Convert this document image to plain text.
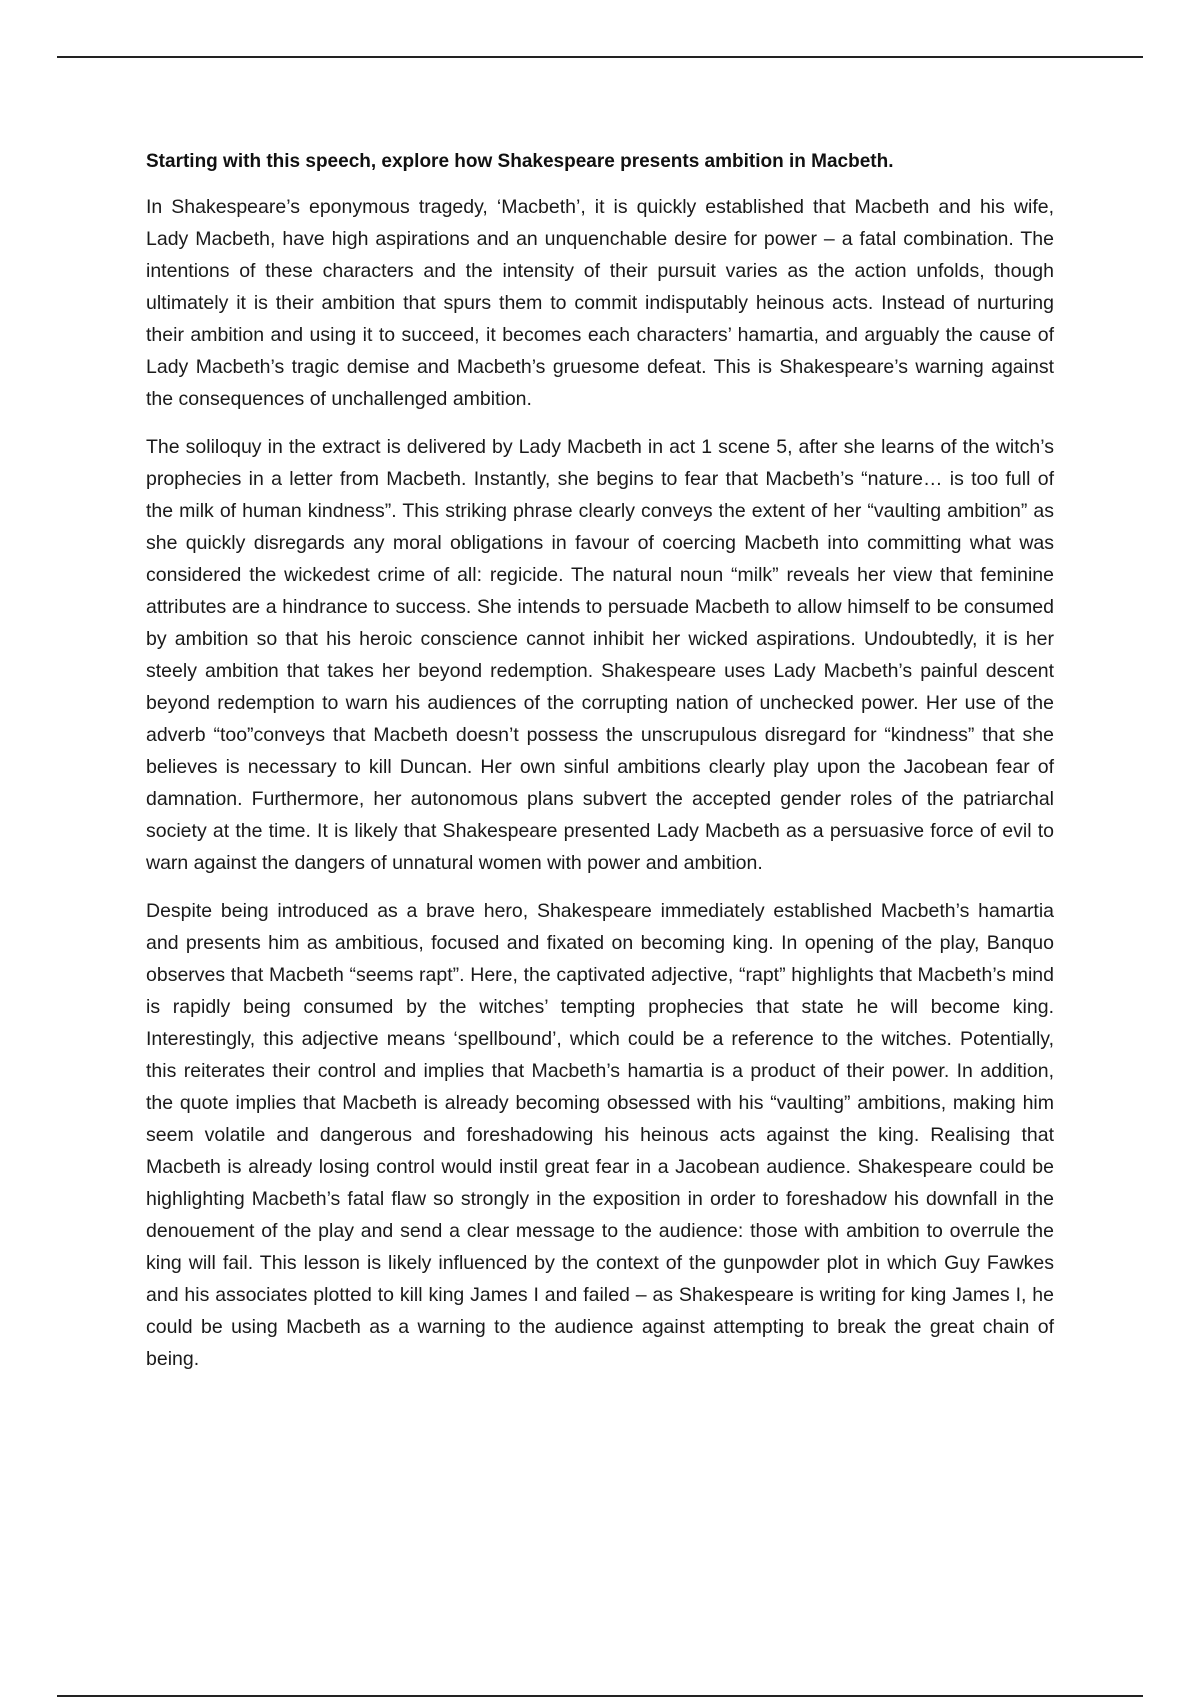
Starting with this speech, explore how Shakespeare presents ambition in Macbeth.

In Shakespeare’s eponymous tragedy, ‘Macbeth’, it is quickly established that Macbeth and his wife, Lady Macbeth, have high aspirations and an unquenchable desire for power – a fatal combination. The intentions of these characters and the intensity of their pursuit varies as the action unfolds, though ultimately it is their ambition that spurs them to commit indisputably heinous acts. Instead of nurturing their ambition and using it to succeed, it becomes each characters’ hamartia, and arguably the cause of Lady Macbeth’s tragic demise and Macbeth’s gruesome defeat. This is Shakespeare’s warning against the consequences of unchallenged ambition.

The soliloquy in the extract is delivered by Lady Macbeth in act 1 scene 5, after she learns of the witch’s prophecies in a letter from Macbeth. Instantly, she begins to fear that Macbeth’s “nature… is too full of the milk of human kindness”. This striking phrase clearly conveys the extent of her “vaulting ambition” as she quickly disregards any moral obligations in favour of coercing Macbeth into committing what was considered the wickedest crime of all: regicide. The natural noun “milk” reveals her view that feminine attributes are a hindrance to success. She intends to persuade Macbeth to allow himself to be consumed by ambition so that his heroic conscience cannot inhibit her wicked aspirations. Undoubtedly, it is her steely ambition that takes her beyond redemption. Shakespeare uses Lady Macbeth’s painful descent beyond redemption to warn his audiences of the corrupting nation of unchecked power. Her use of the adverb “too”conveys that Macbeth doesn’t possess the unscrupulous disregard for “kindness” that she believes is necessary to kill Duncan. Her own sinful ambitions clearly play upon the Jacobean fear of damnation. Furthermore, her autonomous plans subvert the accepted gender roles of the patriarchal society at the time. It is likely that Shakespeare presented Lady Macbeth as a persuasive force of evil to warn against the dangers of unnatural women with power and ambition.

Despite being introduced as a brave hero, Shakespeare immediately established Macbeth’s hamartia and presents him as ambitious, focused and fixated on becoming king. In opening of the play, Banquo observes that Macbeth “seems rapt”. Here, the captivated adjective, “rapt” highlights that Macbeth’s mind is rapidly being consumed by the witches’ tempting prophecies that state he will become king. Interestingly, this adjective means ‘spellbound’, which could be a reference to the witches. Potentially, this reiterates their control and implies that Macbeth’s hamartia is a product of their power. In addition, the quote implies that Macbeth is already becoming obsessed with his “vaulting” ambitions, making him seem volatile and dangerous and foreshadowing his heinous acts against the king. Realising that Macbeth is already losing control would instil great fear in a Jacobean audience. Shakespeare could be highlighting Macbeth’s fatal flaw so strongly in the exposition in order to foreshadow his downfall in the denouement of the play and send a clear message to the audience: those with ambition to overrule the king will fail. This lesson is likely influenced by the context of the gunpowder plot in which Guy Fawkes and his associates plotted to kill king James I and failed – as Shakespeare is writing for king James I, he could be using Macbeth as a warning to the audience against attempting to break the great chain of being.
